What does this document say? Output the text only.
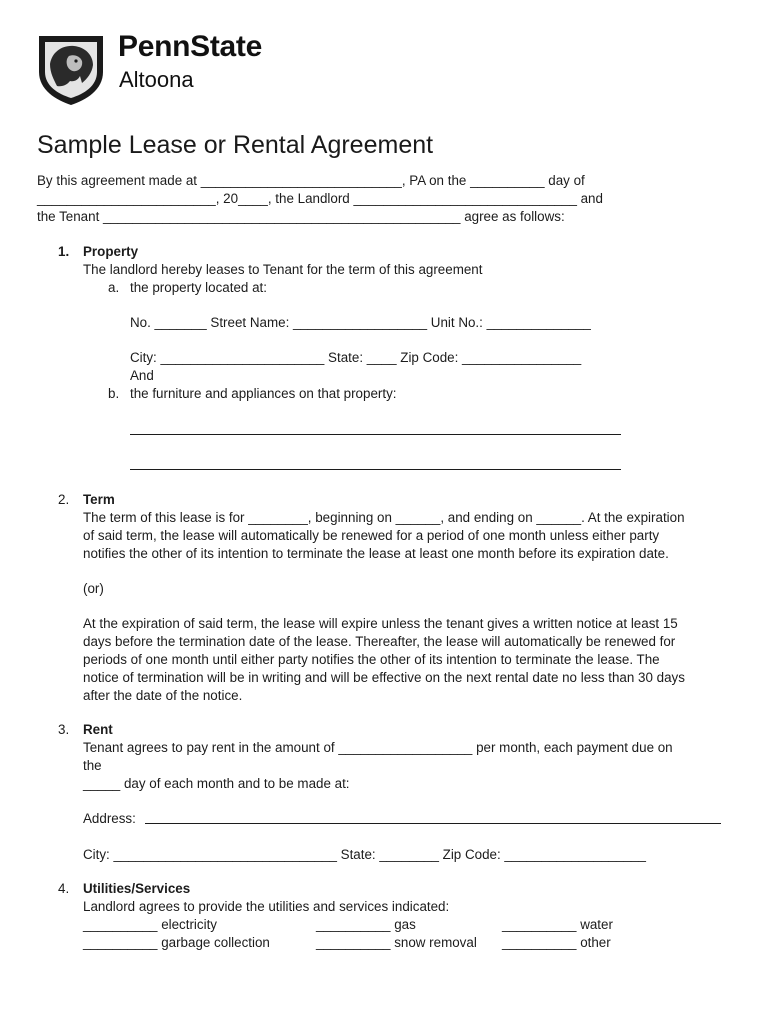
PennState
Altoona
Sample Lease or Rental Agreement
By this agreement made at ___________________________, PA on the __________ day of
________________________, 20____, the Landlord ______________________________ and
the Tenant ________________________________________________ agree as follows:
1. Property
The landlord hereby leases to Tenant for the term of this agreement
a. the property located at:
No. _______ Street Name: __________________ Unit No.: ______________
City: ______________________ State: ____ Zip Code: ________________
And
b. the furniture and appliances on that property:
2. Term
The term of this lease is for ________, beginning on ______, and ending on ______. At the expiration
of said term, the lease will automatically be renewed for a period of one month unless either party
notifies the other of its intention to terminate the lease at least one month before its expiration date.
(or)
At the expiration of said term, the lease will expire unless the tenant gives a written notice at least 15
days before the termination date of the lease. Thereafter, the lease will automatically be renewed for
periods of one month until either party notifies the other of its intention to terminate the lease. The
notice of termination will be in writing and will be effective on the next rental date no less than 30 days
after the date of the notice.
3. Rent
Tenant agrees to pay rent in the amount of __________________ per month, each payment due on
the
_____ day of each month and to be made at:
Address:
City: ______________________________ State: ________ Zip Code: ___________________
4. Utilities/Services
Landlord agrees to provide the utilities and services indicated:
__________ electricity	__________ gas	__________ water
__________ garbage collection	__________ snow removal __________ other
